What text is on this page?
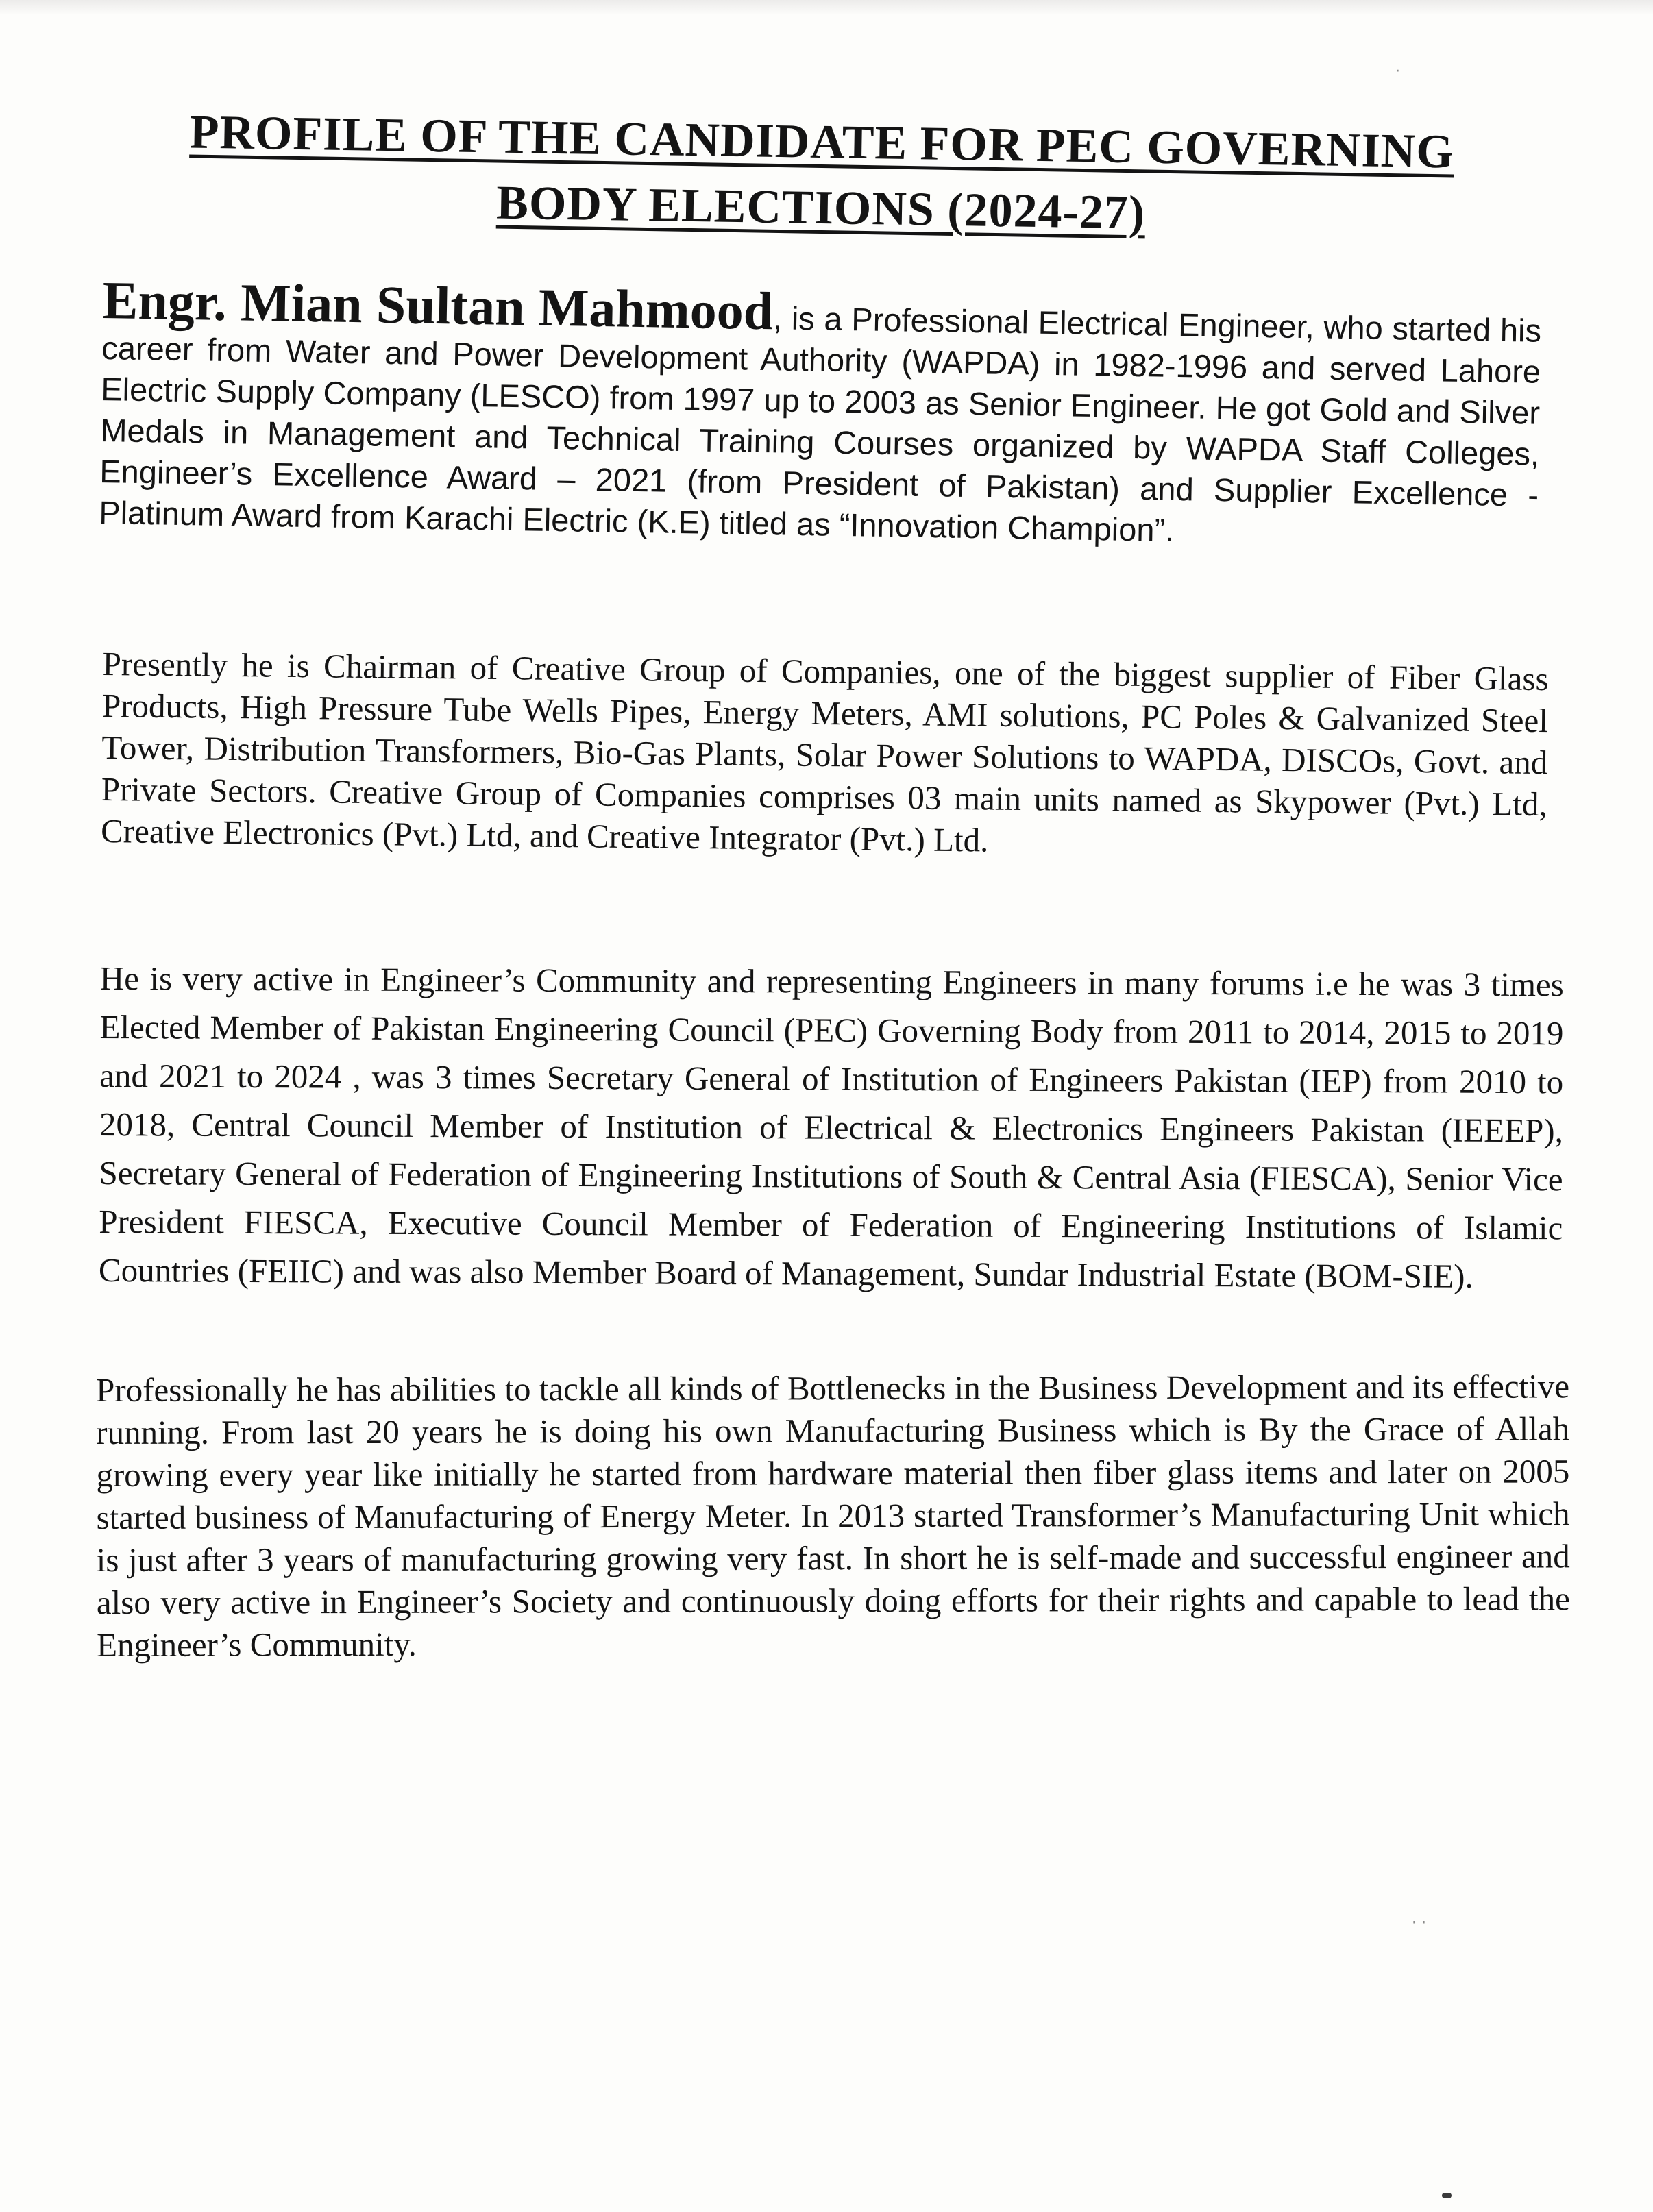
PROFILE OF THE CANDIDATE FOR PEC GOVERNING
BODY ELECTIONS (2024-27)
Engr. Mian Sultan Mahmood, is a Professional Electrical Engineer, who started his career from Water and Power Development Authority (WAPDA) in 1982-1996 and served Lahore Electric Supply Company (LESCO) from 1997 up to 2003 as Senior Engineer. He got Gold and Silver Medals in Management and Technical Training Courses organized by WAPDA Staff Colleges, Engineer’s Excellence Award – 2021 (from President of Pakistan) and Supplier Excellence - Platinum Award from Karachi Electric (K.E) titled as “Innovation Champion”.
Presently he is Chairman of Creative Group of Companies, one of the biggest supplier of Fiber Glass Products, High Pressure Tube Wells Pipes, Energy Meters, AMI solutions, PC Poles & Galvanized Steel Tower, Distribution Transformers, Bio-Gas Plants, Solar Power Solutions to WAPDA, DISCOs, Govt. and Private Sectors. Creative Group of Companies comprises 03 main units named as Skypower (Pvt.) Ltd, Creative Electronics (Pvt.) Ltd, and Creative Integrator (Pvt.) Ltd.
He is very active in Engineer’s Community and representing Engineers in many forums i.e he was 3 times Elected Member of Pakistan Engineering Council (PEC) Governing Body from 2011 to 2014, 2015 to 2019 and 2021 to 2024 , was 3 times Secretary General of Institution of Engineers Pakistan (IEP) from 2010 to 2018, Central Council Member of Institution of Electrical & Electronics Engineers Pakistan (IEEEP), Secretary General of Federation of Engineering Institutions of South & Central Asia (FIESCA), Senior Vice President FIESCA, Executive Council Member of Federation of Engineering Institutions of Islamic Countries (FEIIC) and was also Member Board of Management, Sundar Industrial Estate (BOM-SIE).
Professionally he has abilities to tackle all kinds of Bottlenecks in the Business Development and its effective running. From last 20 years he is doing his own Manufacturing Business which is By the Grace of Allah growing every year like initially he started from hardware material then fiber glass items and later on 2005 started business of Manufacturing of Energy Meter. In 2013 started Transformer’s Manufacturing Unit which is just after 3 years of manufacturing growing very fast. In short he is self-made and successful engineer and also very active in Engineer’s Society and continuously doing efforts for their rights and capable to lead the Engineer’s Community.
·
· ·
